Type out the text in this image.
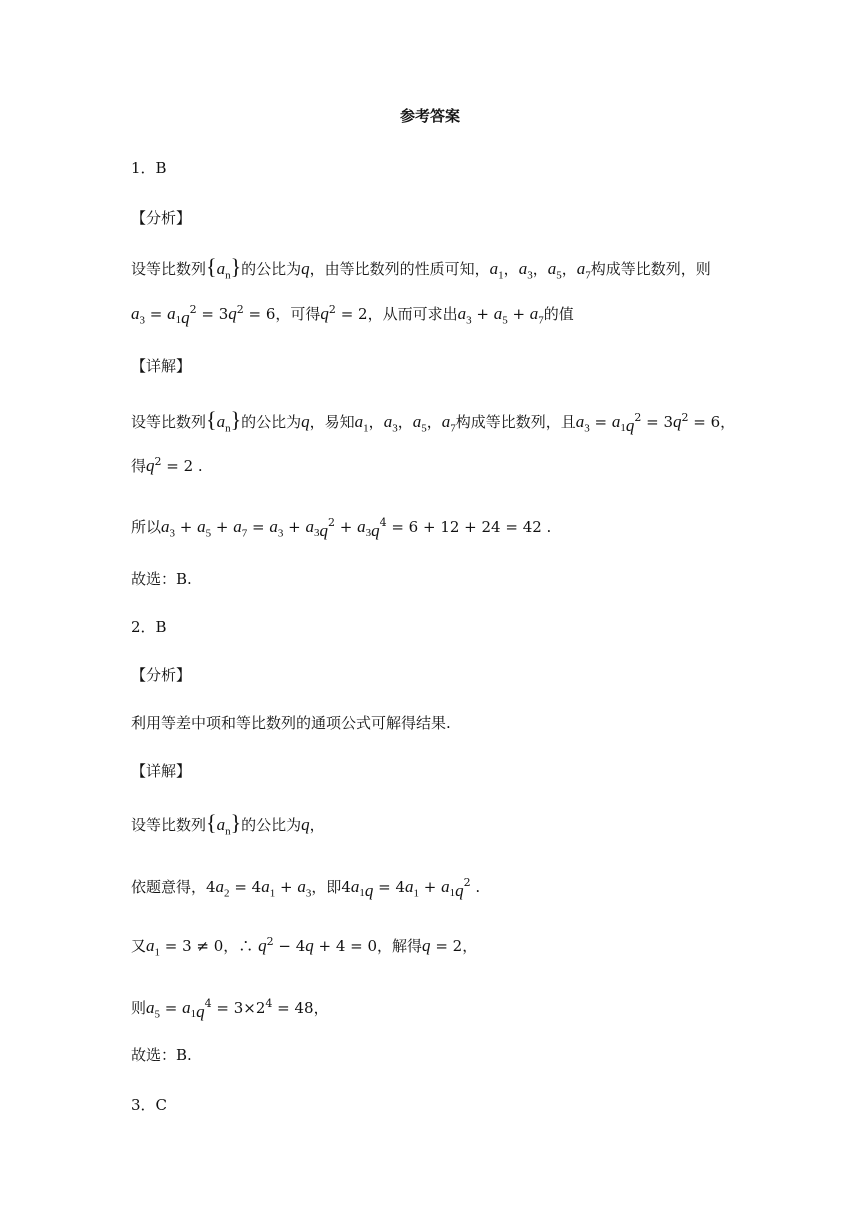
参考答案
1．B
【分析】
设等比数列$\{a_n\}$的公比为q，由等比数列的性质可知，$a_1$，$a_3$，$a_5$，$a_7$构成等比数列，则
$a_3 = a_{1q}^2 = 3q^2 = 6$，可得$q^2 = 2$，从而可求出$a_3 + a_5 + a_7$的值
【详解】
设等比数列$\{a_n\}$的公比为q，易知$a_1$，$a_3$，$a_5$，$a_7$构成等比数列，且$a_3 = a_{1q}^2 = 3q^2 = 6$，
得$q^2 = 2$ .
所以$a_3 + a_5 + a_7 = a_3 + a_{3q}^2 + a_{3q}^4 = 6 + 12 + 24 = 42$ .
故选：B.
2．B
【分析】
利用等差中项和等比数列的通项公式可解得结果.
【详解】
设等比数列$\{a_n\}$的公比为q，
依题意得，$4a_2 = 4a_1 + a_3$，即$4a_{1q} = 4a_1 + a_{1q}^2$ .
又$a_1 = 3 \ne 0$，∴ $q^2 - 4q + 4 = 0$，解得q = 2，
则$a_5 = a_{1q}^4 = 3\times 2^4 = 48$，
故选：B.
3．C
